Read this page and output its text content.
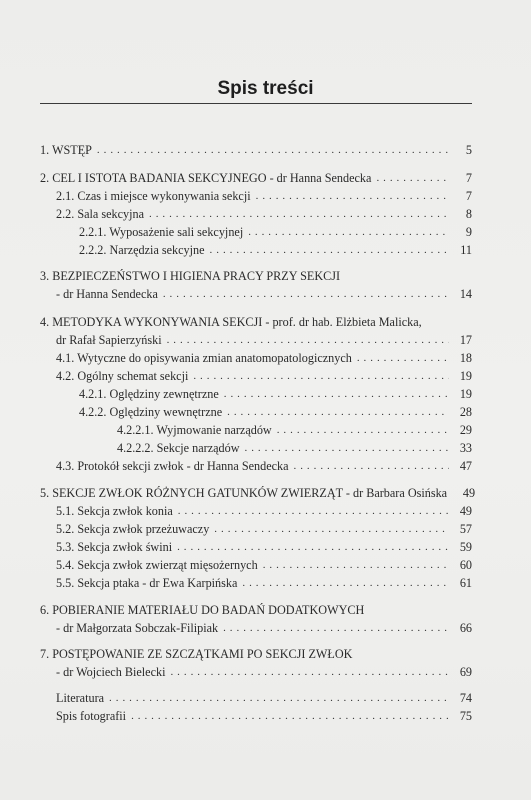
Spis treści
1. WSTĘP . . .	5
2. CEL I ISTOTA BADANIA SEKCYJNEGO - dr Hanna Sendecka . . .	7
2.1. Czas i miejsce wykonywania sekcji . . .	7
2.2. Sala sekcyjna . . .	8
2.2.1. Wyposażenie sali sekcyjnej . . .	9
2.2.2. Narzędzia sekcyjne . . .	11
3. BEZPIECZEŃSTWO I HIGIENA PRACY PRZY SEKCJI
- dr Hanna Sendecka . . .	14
4. METODYKA WYKONYWANIA SEKCJI - prof. dr hab. Elżbieta Malicka,
dr Rafał Sapierzyński . . .	17
4.1. Wytyczne do opisywania zmian anatomopatologicznych . . .	18
4.2. Ogólny schemat sekcji . . .	19
4.2.1. Oględziny zewnętrzne . . .	19
4.2.2. Oględziny wewnętrzne . . .	28
4.2.2.1. Wyjmowanie narządów . . .	29
4.2.2.2. Sekcje narządów . . .	33
4.3. Protokół sekcji zwłok - dr Hanna Sendecka . . .	47
5. SEKCJE ZWŁOK RÓŻNYCH GATUNKÓW ZWIERZĄT - dr Barbara Osińska	49
5.1. Sekcja zwłok konia . . .	49
5.2. Sekcja zwłok przeżuwaczy . . .	57
5.3. Sekcja zwłok świni . . .	59
5.4. Sekcja zwłok zwierząt mięsożernych . . .	60
5.5. Sekcja ptaka - dr Ewa Karpińska . . .	61
6. POBIERANIE MATERIAŁU DO BADAŃ DODATKOWYCH
- dr Małgorzata Sobczak-Filipiak . . .	66
7. POSTĘPOWANIE ZE SZCZĄTKAMI PO SEKCJI ZWŁOK
- dr Wojciech Bielecki . . .	69
Literatura . . .	74
Spis fotografii . . .	75
